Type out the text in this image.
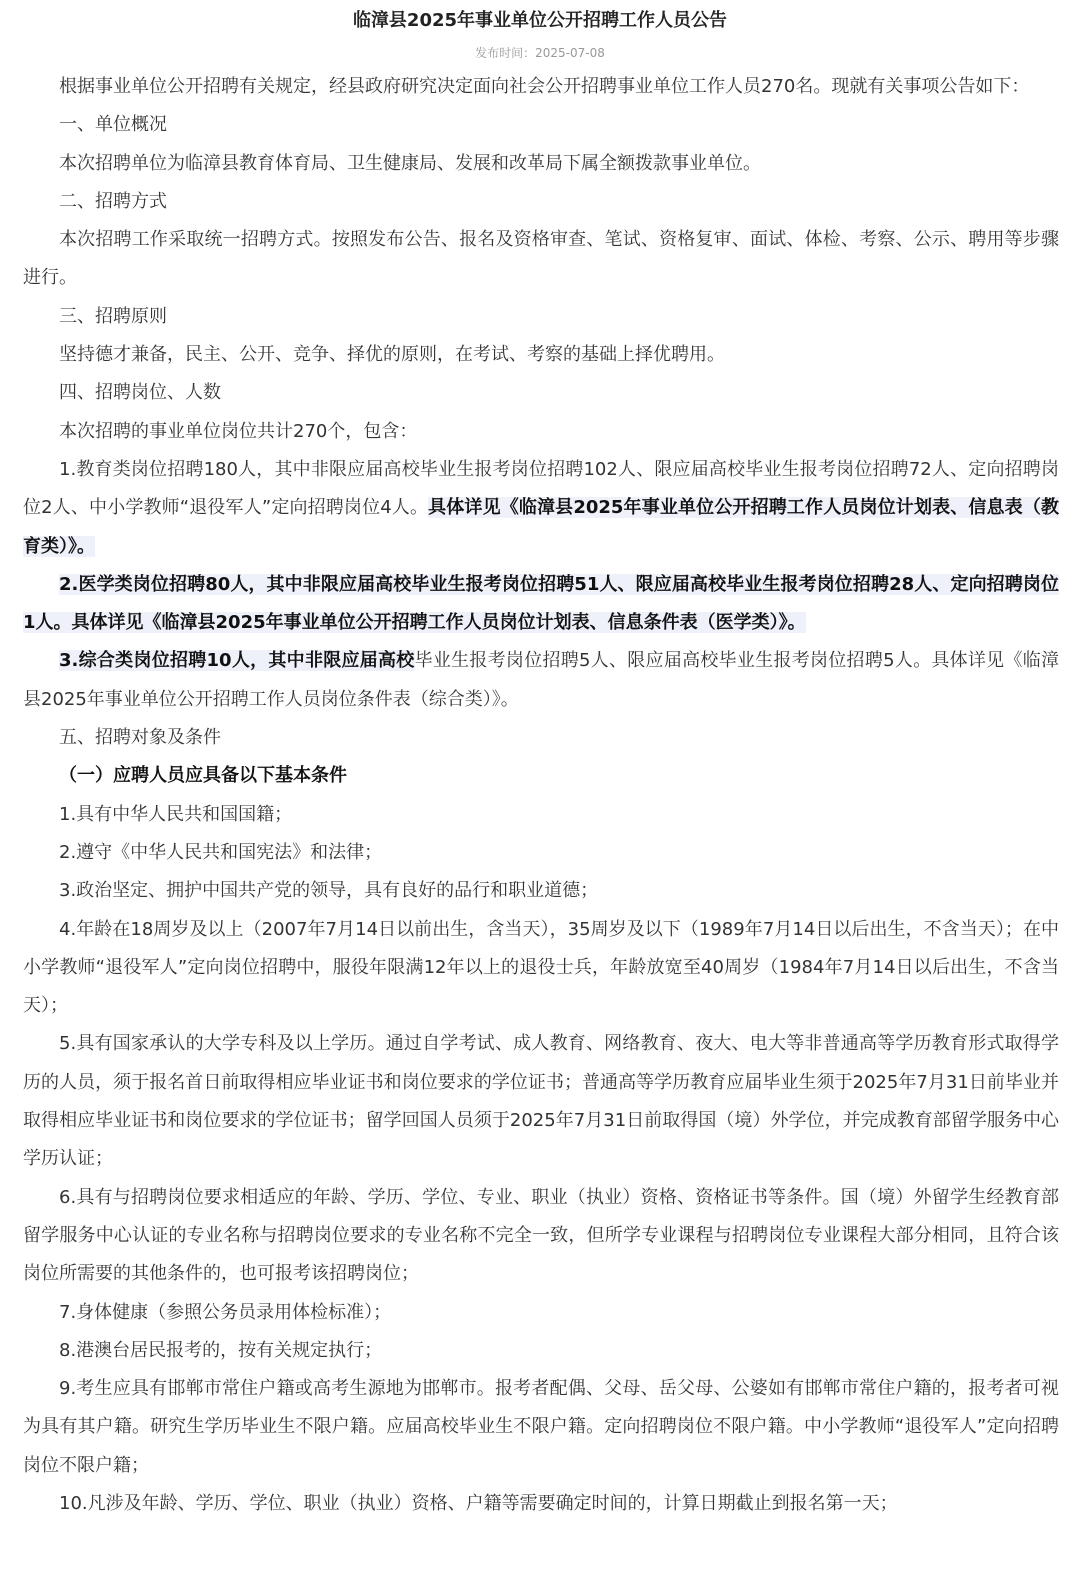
临漳县2025年事业单位公开招聘工作人员公告
发布时间：2025-07-08

根据事业单位公开招聘有关规定，经县政府研究决定面向社会公开招聘事业单位工作人员270名。现就有关事项公告如下：

一、单位概况

本次招聘单位为临漳县教育体育局、卫生健康局、发展和改革局下属全额拨款事业单位。

二、招聘方式

本次招聘工作采取统一招聘方式。按照发布公告、报名及资格审查、笔试、资格复审、面试、体检、考察、公示、聘用等步骤进行。

三、招聘原则

坚持德才兼备，民主、公开、竞争、择优的原则，在考试、考察的基础上择优聘用。

四、招聘岗位、人数

本次招聘的事业单位岗位共计270个，包含：

1.教育类岗位招聘180人，其中非限应届高校毕业生报考岗位招聘102人、限应届高校毕业生报考岗位招聘72人、定向招聘岗位2人、中小学教师“退役军人”定向招聘岗位4人。具体详见《临漳县2025年事业单位公开招聘工作人员岗位计划表、信息表（教育类）》。

2.医学类岗位招聘80人，其中非限应届高校毕业生报考岗位招聘51人、限应届高校毕业生报考岗位招聘28人、定向招聘岗位1人。具体详见《临漳县2025年事业单位公开招聘工作人员岗位计划表、信息条件表（医学类）》。

3.综合类岗位招聘10人，其中非限应届高校毕业生报考岗位招聘5人、限应届高校毕业生报考岗位招聘5人。具体详见《临漳县2025年事业单位公开招聘工作人员岗位条件表（综合类）》。

五、招聘对象及条件

（一）应聘人员应具备以下基本条件

1.具有中华人民共和国国籍；

2.遵守《中华人民共和国宪法》和法律；

3.政治坚定、拥护中国共产党的领导，具有良好的品行和职业道德；

4.年龄在18周岁及以上（2007年7月14日以前出生，含当天），35周岁及以下（1989年7月14日以后出生，不含当天）；在中小学教师“退役军人”定向岗位招聘中，服役年限满12年以上的退役士兵，年龄放宽至40周岁（1984年7月14日以后出生，不含当天）；

5.具有国家承认的大学专科及以上学历。通过自学考试、成人教育、网络教育、夜大、电大等非普通高等学历教育形式取得学历的人员，须于报名首日前取得相应毕业证书和岗位要求的学位证书；普通高等学历教育应届毕业生须于2025年7月31日前毕业并取得相应毕业证书和岗位要求的学位证书；留学回国人员须于2025年7月31日前取得国（境）外学位，并完成教育部留学服务中心学历认证；

6.具有与招聘岗位要求相适应的年龄、学历、学位、专业、职业（执业）资格、资格证书等条件。国（境）外留学生经教育部留学服务中心认证的专业名称与招聘岗位要求的专业名称不完全一致，但所学专业课程与招聘岗位专业课程大部分相同，且符合该岗位所需要的其他条件的，也可报考该招聘岗位；

7.身体健康（参照公务员录用体检标准）；

8.港澳台居民报考的，按有关规定执行；

9.考生应具有邯郸市常住户籍或高考生源地为邯郸市。报考者配偶、父母、岳父母、公婆如有邯郸市常住户籍的，报考者可视为具有其户籍。研究生学历毕业生不限户籍。应届高校毕业生不限户籍。定向招聘岗位不限户籍。中小学教师“退役军人”定向招聘岗位不限户籍；

10.凡涉及年龄、学历、学位、职业（执业）资格、户籍等需要确定时间的，计算日期截止到报名第一天；
